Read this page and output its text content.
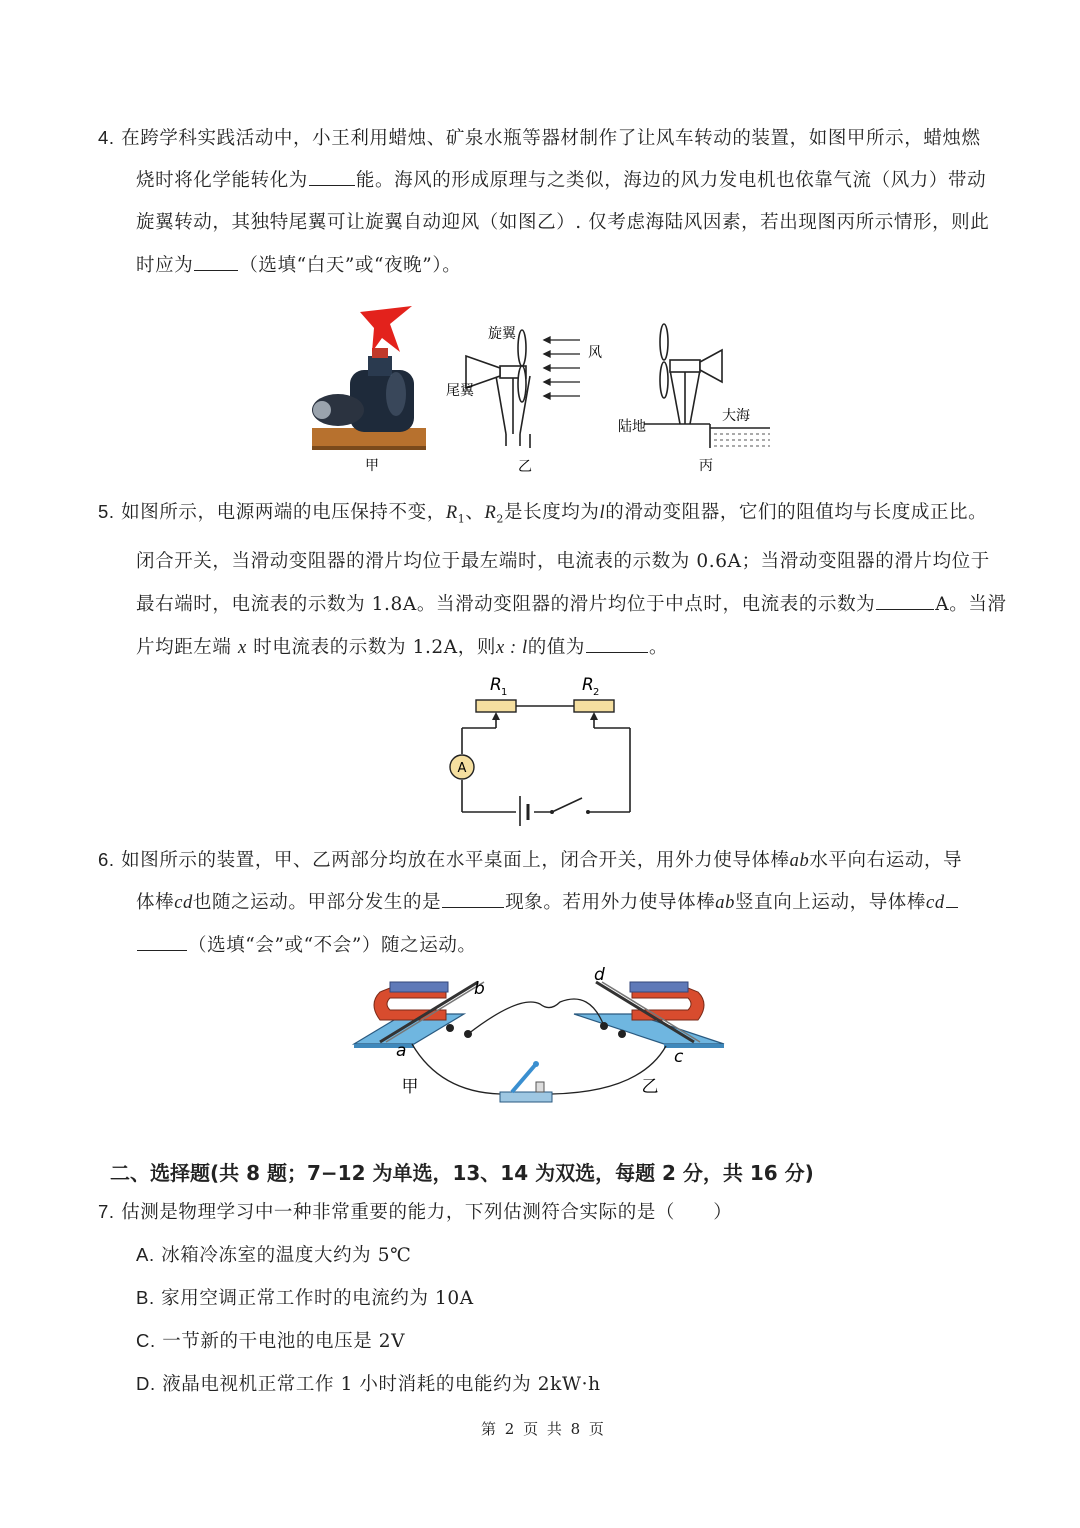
4. 在跨学科实践活动中，小王利用蜡烛、矿泉水瓶等器材制作了让风车转动的装置，如图甲所示，蜡烛燃
烧时将化学能转化为	能。海风的形成原理与之类似，海边的风力发电机也依靠气流（风力）带动
旋翼转动，其独特尾翼可让旋翼自动迎风（如图乙）. 仅考虑海陆风因素，若出现图丙所示情形，则此
时应为 （选填“白天”或“夜晚”）。
甲
旋翼
尾翼
风
乙
陆地
大海
丙
5. 如图所示，电源两端的电压保持不变，$R_1$、$R_2$是长度均为l的滑动变阻器，它们的阻值均与长度成正比。
闭合开关，当滑动变阻器的滑片均位于最左端时，电流表的示数为 0.6A；当滑动变阻器的滑片均位于
最右端时，电流表的示数为 1.8A。当滑动变阻器的滑片均位于中点时，电流表的示数为	A。当滑
片均距左端 x 时电流表的示数为 1.2A，则x : l的值为	。
A
R 1	R 2
6. 如图所示的装置，甲、乙两部分均放在水平桌面上，闭合开关，用外力使导体棒ab水平向右运动，导
体棒cd也随之运动。甲部分发生的是	现象。若用外力使导体棒ab竖直向上运动，导体棒cd
（选填“会”或“不会”）随之运动。
b
a
d
c
甲	乙
二、选择题(共 8 题；7−12 为单选，13、14 为双选，每题 2 分，共 16 分)
7. 估测是物理学习中一种非常重要的能力，下列估测符合实际的是（　　）
A. 冰箱冷冻室的温度大约为 5℃
B. 家用空调正常工作时的电流约为 10A
C. 一节新的干电池的电压是 2V
D. 液晶电视机正常工作 1 小时消耗的电能约为 2kW·h
第 2 页 共 8 页
